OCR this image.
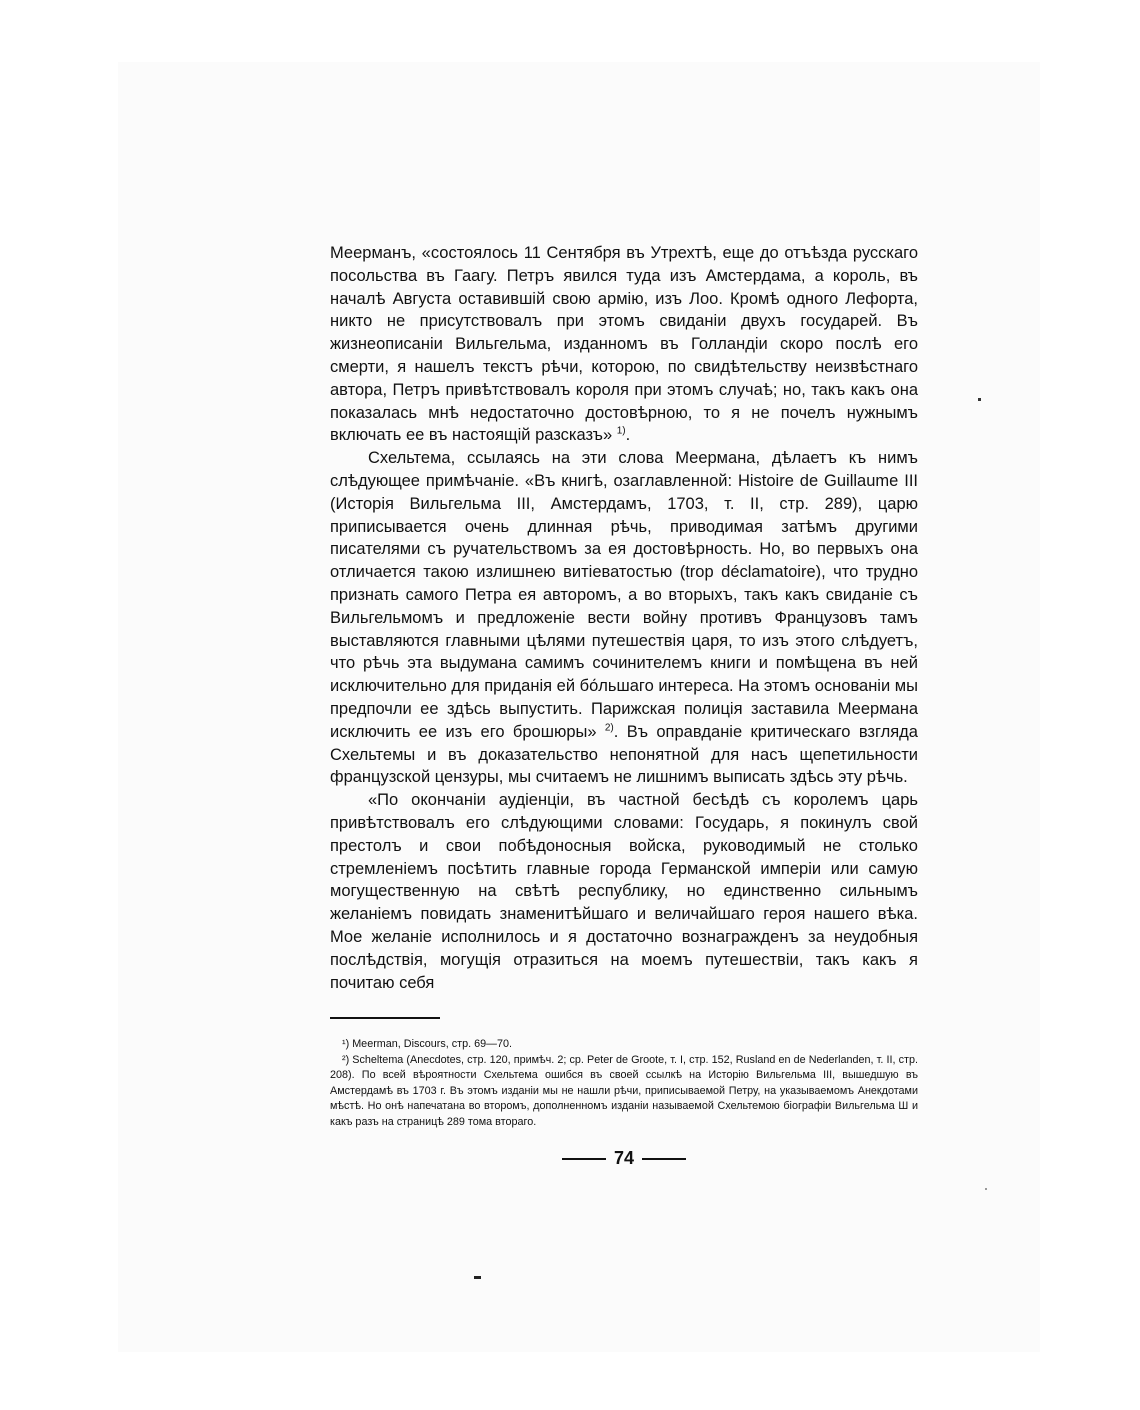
Меерманъ, «состоялось 11 Сентября въ Утрехтѣ, еще до отъѣзда русскаго посольства въ Гаагу. Петръ явился туда изъ Амстердама, а король, въ началѣ Августа оставившій свою армію, изъ Лоо. Кромѣ одного Лефорта, никто не присутствовалъ при этомъ свиданіи двухъ государей. Въ жизнеописаніи Вильгельма, изданномъ въ Голландіи скоро послѣ его смерти, я нашелъ текстъ рѣчи, которою, по свидѣтельству неизвѣстнаго автора, Петръ привѣтствовалъ короля при этомъ случаѣ; но, такъ какъ она показалась мнѣ недостаточно достовѣрною, то я не почелъ нужнымъ включать ее въ настоящій разсказъ» $^{1)}$.

Схельтема, ссылаясь на эти слова Меермана, дѣлаетъ къ нимъ слѣдующее примѣчаніе. «Въ книгѣ, озаглавленной: Histoire de Guillaume III (Исторія Вильгельма III, Амстердамъ, 1703, т. II, стр. 289), царю приписывается очень длинная рѣчь, приводимая затѣмъ другими писателями съ ручательствомъ за ея достовѣрность. Но, во первыхъ она отличается такою излишнею витіеватостью (trop déclamatoire), что трудно признать самого Петра ея авторомъ, а во вторыхъ, такъ какъ свиданіе съ Вильгельмомъ и предложеніе вести войну противъ Французовъ тамъ выставляются главными цѣлями путешествія царя, то изъ этого слѣдуетъ, что рѣчь эта выдумана самимъ сочинителемъ книги и помѣщена въ ней исключительно для приданія ей бо́льшаго интереса. На этомъ основаніи мы предпочли ее здѣсь выпустить. Парижская полиція заставила Меермана исключить ее изъ его брошюры» $^{2)}$. Въ оправданіе критическаго взгляда Схельтемы и въ доказательство непонятной для насъ щепетильности французской цензуры, мы считаемъ не лишнимъ выписать здѣсь эту рѣчь.

«По окончаніи аудіенціи, въ частной бесѣдѣ съ королемъ царь привѣтствовалъ его слѣдующими словами: Государь, я покинулъ свой престолъ и свои побѣдоносныя войска, руководимый не столько стремленіемъ посѣтить главные города Германской имперіи или самую могущественную на свѣтѣ республику, но единственно сильнымъ желаніемъ повидать знаменитѣйшаго и величайшаго героя нашего вѣка. Мое желаніе исполнилось и я достаточно вознагражденъ за неудобныя послѣдствія, могущія отразиться на моемъ путешествіи, такъ какъ я почитаю себя

¹) Meerman, Discours, стр. 69—70.

²) Scheltema (Anecdotes, стр. 120, примѣч. 2; ср. Peter de Groote, т. I, стр. 152, Rusland en de Nederlanden, т. II, стр. 208). По всей вѣроятности Схельтема ошибся въ своей ссылкѣ на Исторію Вильгельма III, вышедшую въ Амстердамѣ въ 1703 г. Въ этомъ изданіи мы не нашли рѣчи, приписываемой Петру, на указываемомъ Анекдотами мѣстѣ. Но онѣ напечатана во второмъ, дополненномъ изданіи называемой Схельтемою біографіи Вильгельма Ш и какъ разъ на страницѣ 289 тома втораго.

74
